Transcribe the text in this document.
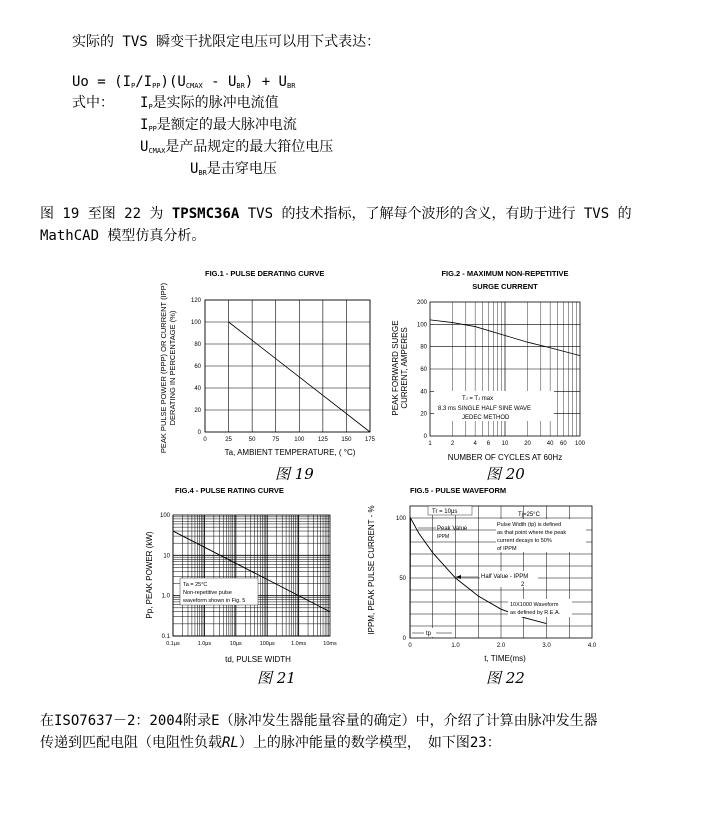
实际的 TVS 瞬变干扰限定电压可以用下式表达：
$Uo = (I_P/I_{PP})(U_{CMAX} - U_{BR}) + U_{BR}$
式中： $I_P$是实际的脉冲电流值
$I_{PP}$是额定的最大脉冲电流
$U_{CMAX}$是产品规定的最大箝位电压
$U_{BR}$是击穿电压
图 19 至图 22 为 TPSMC36A TVS 的技术指标，了解每个波形的含义，有助于进行 TVS 的
MathCAD 模型仿真分析。
FIG.1 - PULSE DERATING CURVE
0	25	50	75	100 125 150 175
0
20
40
60
80
100
120
Ta, AMBIENT TEMPERATURE, ( °C)
PEAK PULSE POWER (PPP) OR CURRENT (IPP) DERATING IN PERCENTAGE (%)
FIG.2 - MAXIMUM NON-REPETITIVE
SURGE CURRENT
1	2	4 6 10	20	40 60 100
0
20
40
60
80
100
200
TJ = TJ max
8.3 ms SINGLE HALF SINE WAVE
JEDEC METHOD
NUMBER OF CYCLES AT 60Hz
PEAK FORWARD SURGE CURRENT, AMPERES
FIG.4 - PULSE RATING CURVE
0.1μs	1.0μs	10μs	100μs	1.0ms	10ms
0.1
1.0
10
100
Ta = 25°C
Non-repetitive pulse
waveform shown in Fig. 5
td, PULSE WIDTH
Pp, PEAK POWER (kW)
FIG.5 - PULSE WAVEFORM
0	1.0	2.0	3.0	4.0
0
50
100
Tr = 10μs	Tj=25°C
Peak Value
IPPM
Pulse Width (tp) is defined
as that point where the peak
current decays to 50%
of IPPM
Half Value - IPPM
2
10X1000 Waveform
as defined by R.E.A.
tp
t, TIME(ms)
IPPM, PEAK PULSE CURRENT - %
图 19	图 20
图 21	图 22
在ISO7637－2：2004附录E（脉冲发生器能量容量的确定）中，介绍了计算由脉冲发生器
传递到匹配电阻（电阻性负载RL）上的脉冲能量的数学模型，　如下图23：
